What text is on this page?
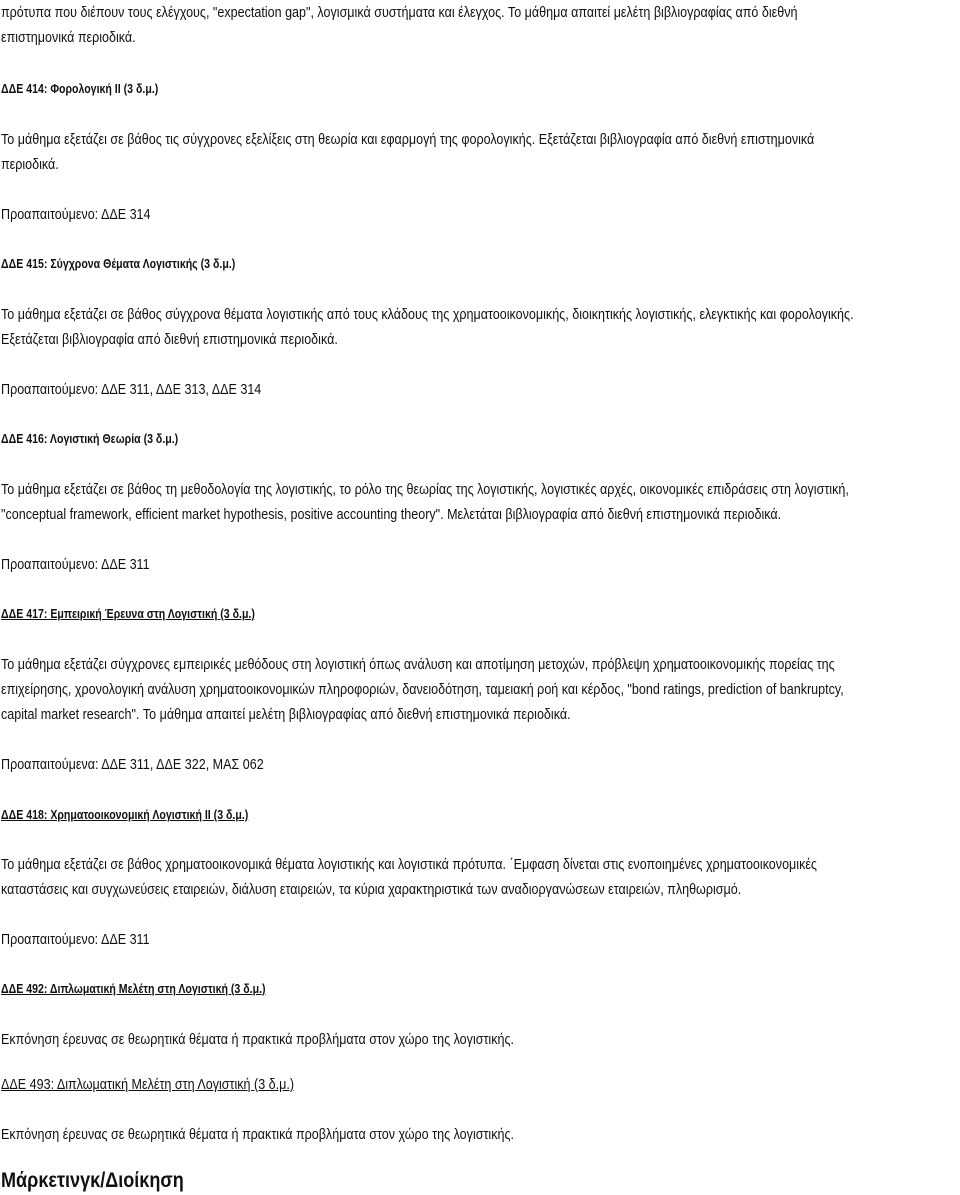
πρότυπα που διέπουν τους ελέγχους, "expectation gap", λογισμικά συστήματα και έλεγχος. Το μάθημα απαιτεί μελέτη βιβλιογραφίας από διεθνή
επιστημονικά περιοδικά.
ΔΔΕ 414: Φορολογική ΙΙ (3 δ.μ.)
Το μάθημα εξετάζει σε βάθος τις σύγχρονες εξελίξεις στη θεωρία και εφαρμογή της φορολογικής. Εξετάζεται βιβλιογραφία από διεθνή επιστημονικά
περιοδικά.
Προαπαιτούμενο: ΔΔΕ 314
ΔΔΕ 415: Σύγχρονα Θέματα Λογιστικής (3 δ.μ.)
Το μάθημα εξετάζει σε βάθος σύγχρονα θέματα λογιστικής από τους κλάδους της χρηματοοικονομικής, διοικητικής λογιστικής, ελεγκτικής και φορολογικής.
Εξετάζεται βιβλιογραφία από διεθνή επιστημονικά περιοδικά.
Προαπαιτούμενο: ΔΔΕ 311, ΔΔΕ 313, ΔΔΕ 314
ΔΔΕ 416: Λογιστική Θεωρία (3 δ.μ.)
Το μάθημα εξετάζει σε βάθος τη μεθοδολογία της λογιστικής, το ρόλο της θεωρίας της λογιστικής, λογιστικές αρχές, οικονομικές επιδράσεις στη λογιστική,
"conceptual framework, efficient market hypothesis, positive accounting theory". Μελετάται βιβλιογραφία από διεθνή επιστημονικά περιοδικά.
Προαπαιτούμενο: ΔΔΕ 311
ΔΔΕ 417: Εμπειρική Έρευνα στη Λογιστική (3 δ.μ.)
Το μάθημα εξετάζει σύγχρονες εμπειρικές μεθόδους στη λογιστική όπως ανάλυση και αποτίμηση μετοχών, πρόβλεψη χρηματοοικονομικής πορείας της
επιχείρησης, χρονολογική ανάλυση χρηματοοικονομικών πληροφοριών, δανειοδότηση, ταμειακή ροή και κέρδος, "bond ratings, prediction of bankruptcy,
capital market research". Το μάθημα απαιτεί μελέτη βιβλιογραφίας από διεθνή επιστημονικά περιοδικά.
Προαπαιτούμενα: ΔΔΕ 311, ΔΔΕ 322, ΜΑΣ 062
ΔΔΕ 418: Χρηματοοικονομική Λογιστική ΙΙ (3 δ.μ.)
Το μάθημα εξετάζει σε βάθος χρηματοοικονομικά θέματα λογιστικής και λογιστικά πρότυπα. ΄Εμφαση δίνεται στις ενοποιημένες χρηματοοικονομικές
καταστάσεις και συγχωνεύσεις εταιρειών, διάλυση εταιρειών, τα κύρια χαρακτηριστικά των αναδιοργανώσεων εταιρειών, πληθωρισμό.
Προαπαιτούμενο: ΔΔΕ 311
ΔΔΕ 492: Διπλωματική Μελέτη στη Λογιστική (3 δ.μ.)
Εκπόνηση έρευνας σε θεωρητικά θέματα ή πρακτικά προβλήματα στον χώρο της λογιστικής.
ΔΔΕ 493: Διπλωματική Μελέτη στη Λογιστική (3 δ.μ.)
Εκπόνηση έρευνας σε θεωρητικά θέματα ή πρακτικά προβλήματα στον χώρο της λογιστικής.
Μάρκετινγκ/Διοίκηση
